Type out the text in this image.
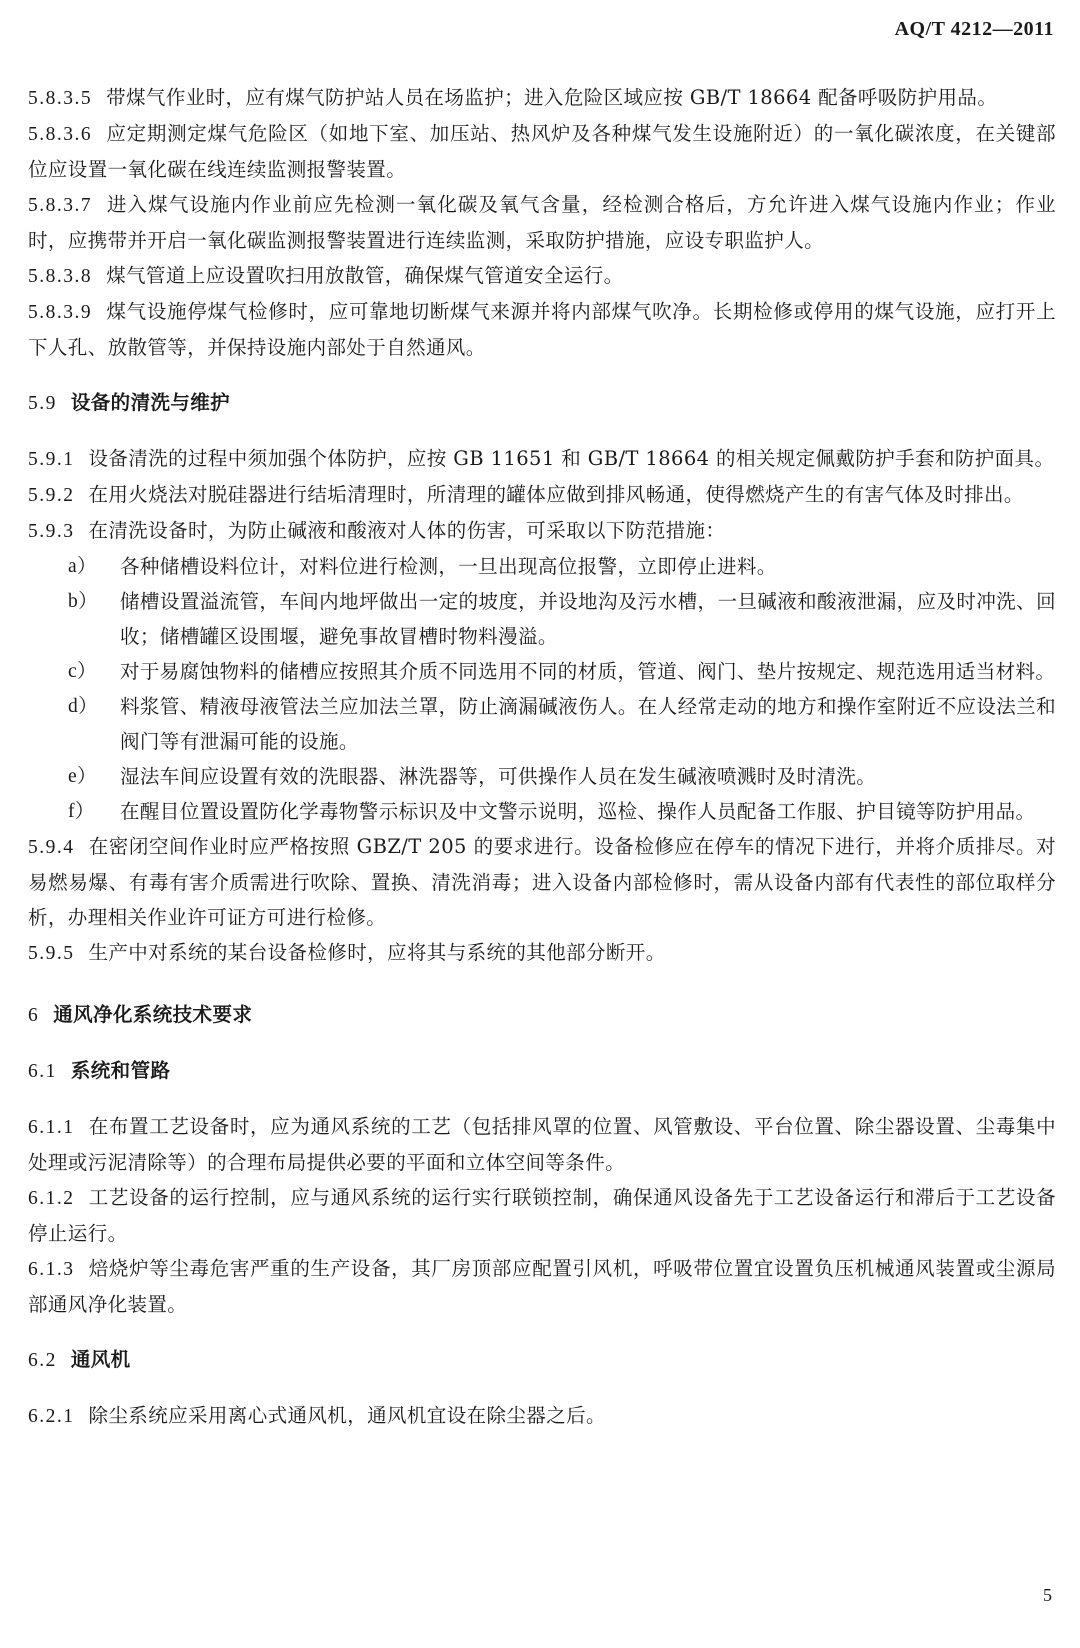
AQ/T 4212—2011

5.8.3.5 带煤气作业时，应有煤气防护站人员在场监护；进入危险区域应按 GB/T 18664 配备呼吸防护用品。

5.8.3.6 应定期测定煤气危险区（如地下室、加压站、热风炉及各种煤气发生设施附近）的一氧化碳浓度，在关键部位应设置一氧化碳在线连续监测报警装置。

5.8.3.7 进入煤气设施内作业前应先检测一氧化碳及氧气含量，经检测合格后，方允许进入煤气设施内作业；作业时，应携带并开启一氧化碳监测报警装置进行连续监测，采取防护措施，应设专职监护人。

5.8.3.8 煤气管道上应设置吹扫用放散管，确保煤气管道安全运行。

5.8.3.9 煤气设施停煤气检修时，应可靠地切断煤气来源并将内部煤气吹净。长期检修或停用的煤气设施，应打开上下人孔、放散管等，并保持设施内部处于自然通风。

5.9 设备的清洗与维护

5.9.1 设备清洗的过程中须加强个体防护，应按 GB 11651 和 GB/T 18664 的相关规定佩戴防护手套和防护面具。

5.9.2 在用火烧法对脱硅器进行结垢清理时，所清理的罐体应做到排风畅通，使得燃烧产生的有害气体及时排出。

5.9.3 在清洗设备时，为防止碱液和酸液对人体的伤害，可采取以下防范措施：

a） 各种储槽设料位计，对料位进行检测，一旦出现高位报警，立即停止进料。
b） 储槽设置溢流管，车间内地坪做出一定的坡度，并设地沟及污水槽，一旦碱液和酸液泄漏，应及时冲洗、回收；储槽罐区设围堰，避免事故冒槽时物料漫溢。
c） 对于易腐蚀物料的储槽应按照其介质不同选用不同的材质，管道、阀门、垫片按规定、规范选用适当材料。
d） 料浆管、精液母液管法兰应加法兰罩，防止滴漏碱液伤人。在人经常走动的地方和操作室附近不应设法兰和阀门等有泄漏可能的设施。
e） 湿法车间应设置有效的洗眼器、淋洗器等，可供操作人员在发生碱液喷溅时及时清洗。
f） 在醒目位置设置防化学毒物警示标识及中文警示说明，巡检、操作人员配备工作服、护目镜等防护用品。

5.9.4 在密闭空间作业时应严格按照 GBZ/T 205 的要求进行。设备检修应在停车的情况下进行，并将介质排尽。对易燃易爆、有毒有害介质需进行吹除、置换、清洗消毒；进入设备内部检修时，需从设备内部有代表性的部位取样分析，办理相关作业许可证方可进行检修。

5.9.5 生产中对系统的某台设备检修时，应将其与系统的其他部分断开。

6 通风净化系统技术要求

6.1 系统和管路

6.1.1 在布置工艺设备时，应为通风系统的工艺（包括排风罩的位置、风管敷设、平台位置、除尘器设置、尘毒集中处理或污泥清除等）的合理布局提供必要的平面和立体空间等条件。

6.1.2 工艺设备的运行控制，应与通风系统的运行实行联锁控制，确保通风设备先于工艺设备运行和滞后于工艺设备停止运行。

6.1.3 焙烧炉等尘毒危害严重的生产设备，其厂房顶部应配置引风机，呼吸带位置宜设置负压机械通风装置或尘源局部通风净化装置。

6.2 通风机

6.2.1 除尘系统应采用离心式通风机，通风机宜设在除尘器之后。

5
